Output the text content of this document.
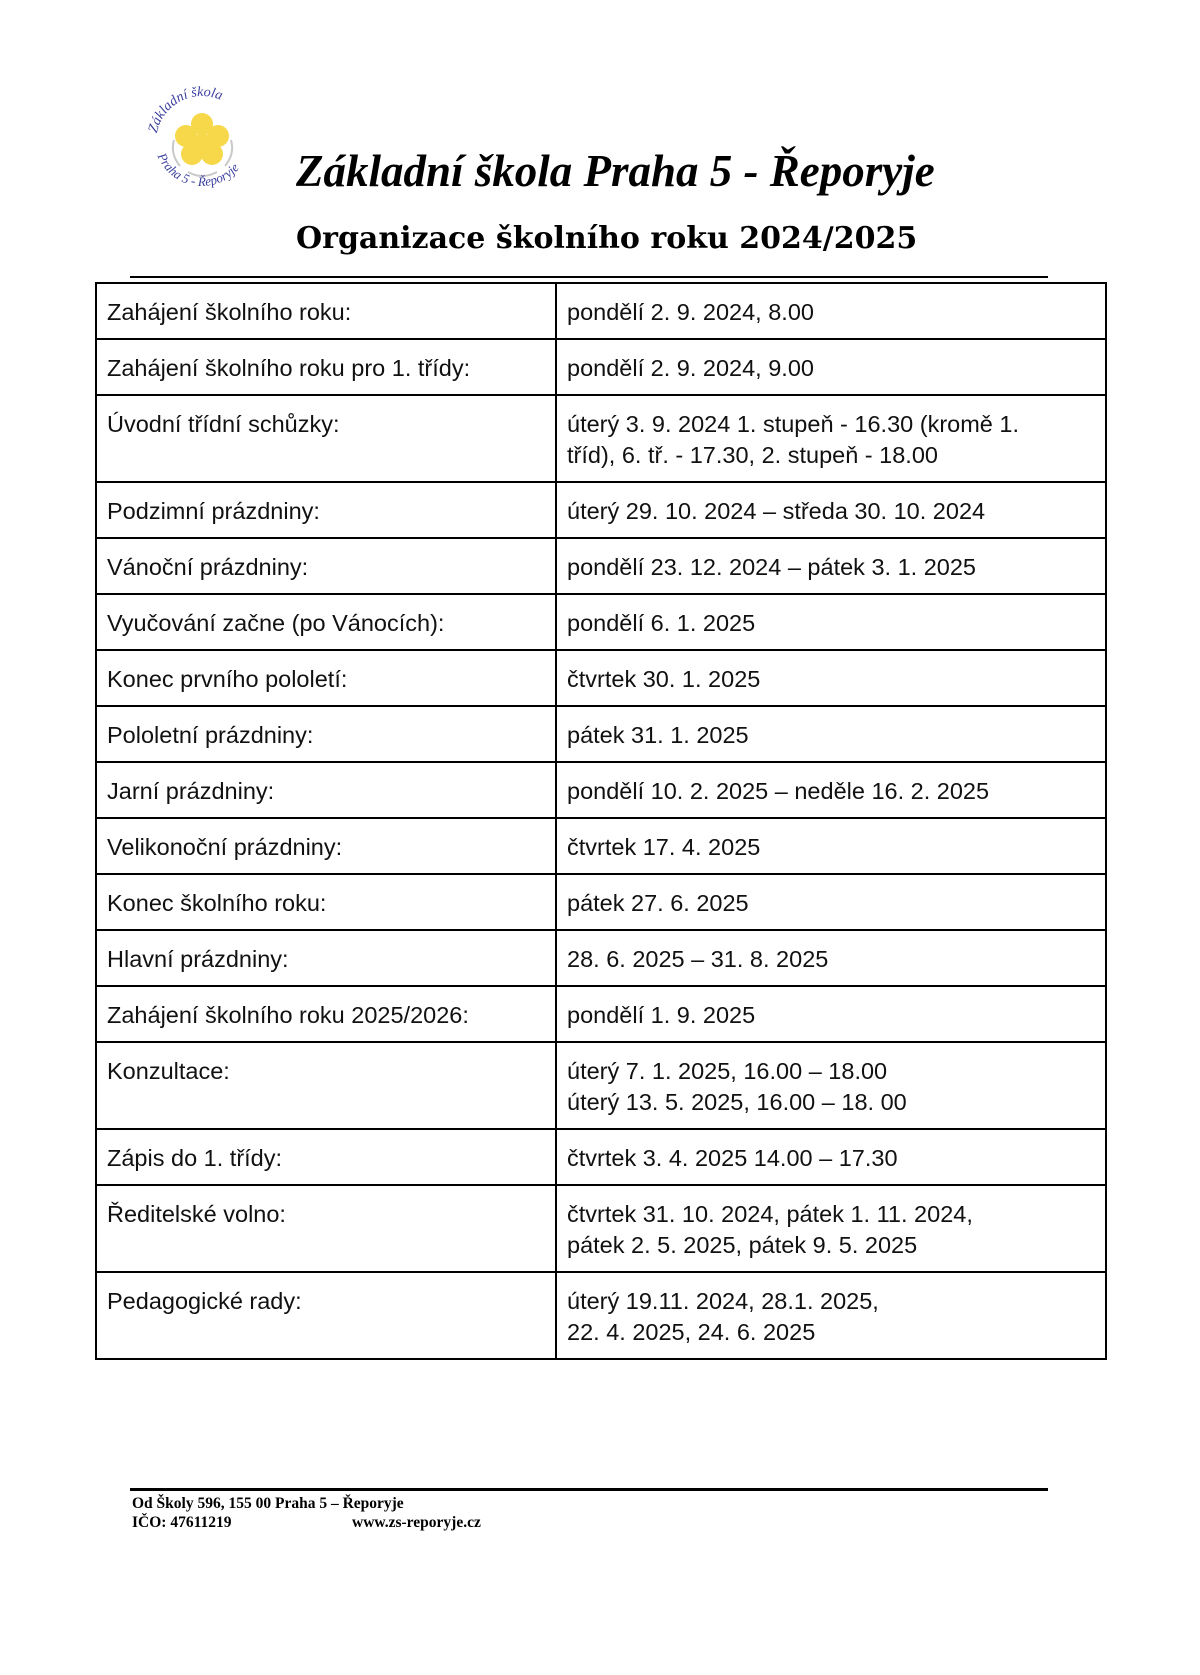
Základní škola
Praha 5 - Řeporyje Základní škola Praha 5 - Řeporyje
Organizace školního roku 2024/2025
Zahájení školního roku:	pondělí 2. 9. 2024, 8.00
Zahájení školního roku pro 1. třídy:	pondělí 2. 9. 2024, 9.00
Úvodní třídní schůzky:	úterý 3. 9. 2024 1. stupeň - 16.30 (kromě 1.
tříd), 6. tř. - 17.30, 2. stupeň - 18.00
Podzimní prázdniny:	úterý 29. 10. 2024 – středa 30. 10. 2024
Vánoční prázdniny:	pondělí 23. 12. 2024 – pátek 3. 1. 2025
Vyučování začne (po Vánocích):	pondělí 6. 1. 2025
Konec prvního pololetí:	čtvrtek 30. 1. 2025
Pololetní prázdniny:	pátek 31. 1. 2025
Jarní prázdniny:	pondělí 10. 2. 2025 – neděle 16. 2. 2025
Velikonoční prázdniny:	čtvrtek 17. 4. 2025
Konec školního roku:	pátek 27. 6. 2025
Hlavní prázdniny:	28. 6. 2025 – 31. 8. 2025
Zahájení školního roku 2025/2026:	pondělí 1. 9. 2025
Konzultace:	úterý 7. 1. 2025, 16.00 – 18.00
úterý 13. 5. 2025, 16.00 – 18. 00
Zápis do 1. třídy:	čtvrtek 3. 4. 2025 14.00 – 17.30
Ředitelské volno:	čtvrtek 31. 10. 2024, pátek 1. 11. 2024,
pátek 2. 5. 2025, pátek 9. 5. 2025
Pedagogické rady:	úterý 19.11. 2024, 28.1. 2025,
22. 4. 2025, 24. 6. 2025
Od Školy 596, 155 00 Praha 5 – Řeporyje
IČO: 47611219	www.zs-reporyje.cz
